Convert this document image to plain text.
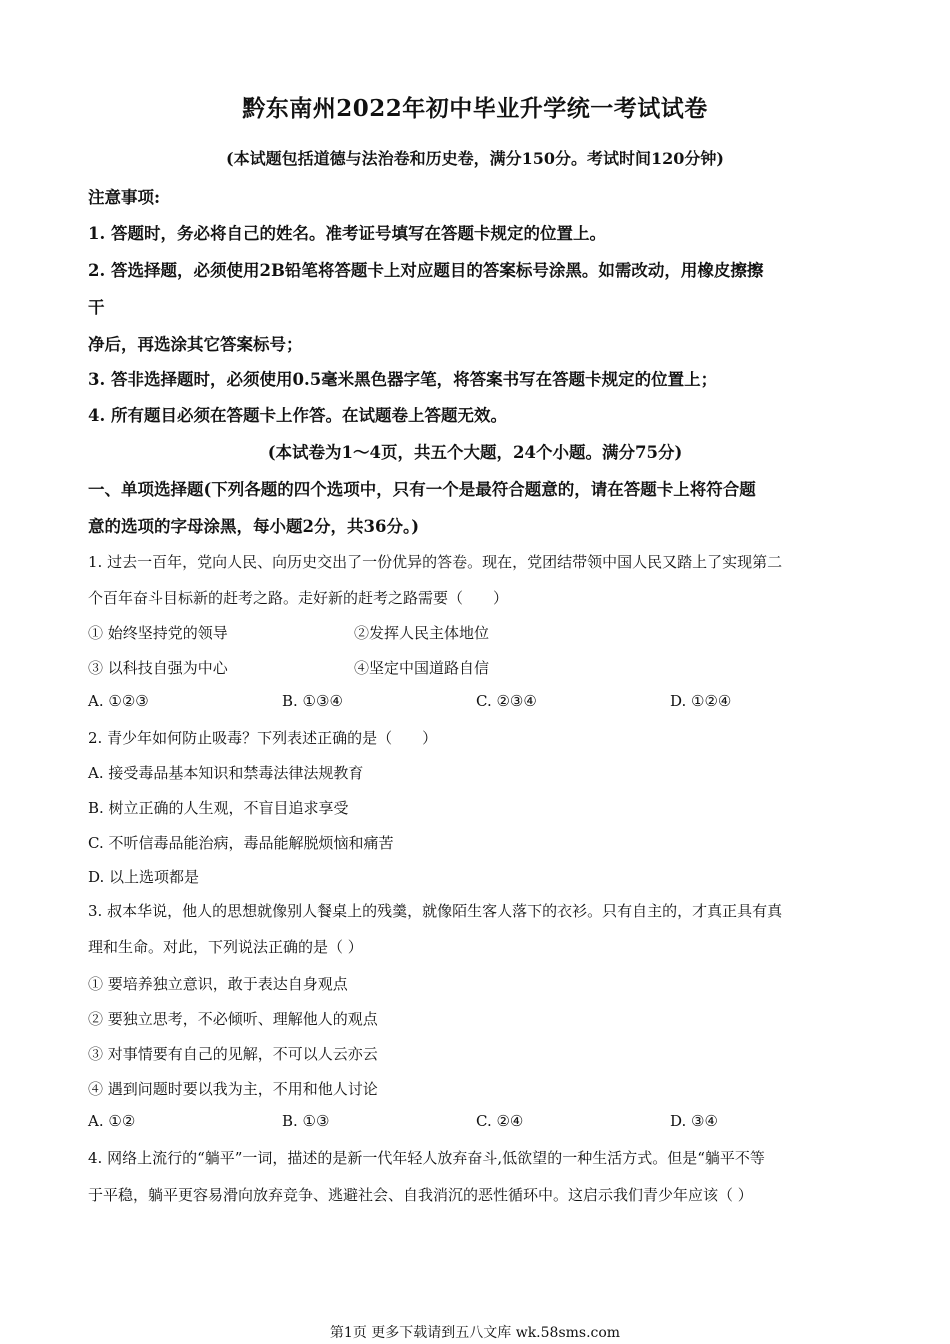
黔东南州2022年初中毕业升学统一考试试卷
(本试题包括道德与法治卷和历史卷，满分150分。考试时间120分钟)
注意事项:
1. 答题时，务必将自己的姓名。准考证号填写在答题卡规定的位置上。
2. 答选择题，必须使用2B铅笔将答题卡上对应题目的答案标号涂黑。如需改动，用橡皮擦擦
干
净后，再选涂其它答案标号；
3. 答非选择题时，必须使用0.5毫米黑色器字笔，将答案书写在答题卡规定的位置上；
4. 所有题目必须在答题卡上作答。在试题卷上答题无效。
(本试卷为1～4页，共五个大题，24个小题。满分75分)
一、单项选择题(下列各题的四个选项中，只有一个是最符合题意的，请在答题卡上将符合题
意的选项的字母涂黑，每小题2分，共36分。)
1. 过去一百年，党向人民、向历史交出了一份优异的答卷。现在，党团结带领中国人民又踏上了实现第二
个百年奋斗目标新的赶考之路。走好新的赶考之路需要（　　）
① 始终坚持党的领导	②发挥人民主体地位
③ 以科技自强为中心	④坚定中国道路自信
A. ①②③	B. ①③④	C. ②③④	D. ①②④
2. 青少年如何防止吸毒？下列表述正确的是（　　）
A. 接受毒品基本知识和禁毒法律法规教育
B. 树立正确的人生观，不盲目追求享受
C. 不听信毒品能治病，毒品能解脱烦恼和痛苦
D. 以上选项都是
3. 叔本华说，他人的思想就像别人餐桌上的残羹，就像陌生客人落下的衣衫。只有自主的，才真正具有真
理和生命。对此，下列说法正确的是（ ）
① 要培养独立意识，敢于表达自身观点
② 要独立思考，不必倾听、理解他人的观点
③ 对事情要有自己的见解，不可以人云亦云
④ 遇到问题时要以我为主，不用和他人讨论
A. ①②	B. ①③	C. ②④	D. ③④
4. 网络上流行的“躺平”一词，描述的是新一代年轻人放弃奋斗,低欲望的一种生活方式。但是“躺平不等
于平稳，躺平更容易滑向放弃竞争、逃避社会、自我消沉的恶性循环中。这启示我们青少年应该（ ）
第1页 更多下载请到五八文库 wk.58sms.com
